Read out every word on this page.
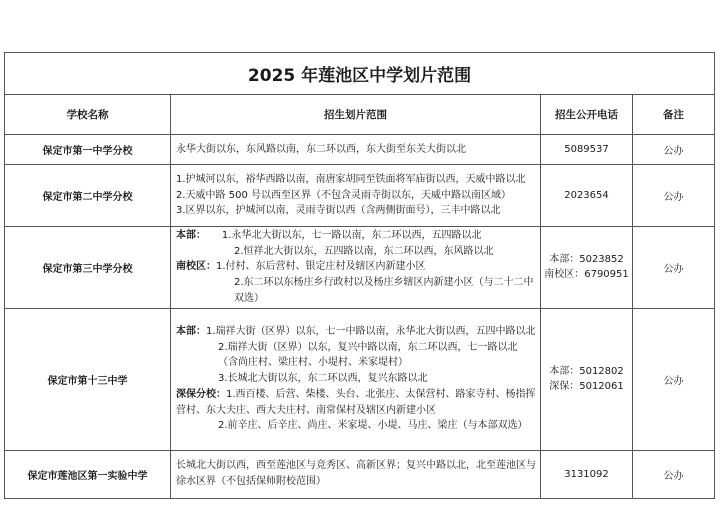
2025 年莲池区中学划片范围			
学校名称	招生划片范围	招生公开电话	备注
保定市第一中学分校	永华大街以东，东风路以南，东二环以西，东大街至东关大街以北	5089537	公办
保定市第二中学分校	1.护城河以东，裕华西路以南，南唐家胡同至铁面将军庙街以西，天威中路以北
2.天威中路 500 号以西至区界（不包含灵雨寺街以东，天威中路以南区域）
3.区界以东，护城河以南，灵雨寺街以西（含两侧街面号），三丰中路以北	2023654	公办
保定市第三中学分校	本部： 1.永华北大街以东，七一路以南，东二环以西，五四路以北
2.恒祥北大街以东，五四路以南，东二环以西，东风路以北
南校区：1.付村、东后营村、银定庄村及辖区内新建小区
2.东二环以东杨庄乡行政村以及杨庄乡辖区内新建小区（与二十二中双选）	本部：5023852
南校区：6790951	公办
保定市第十三中学	本部：1.瑞祥大街（区界）以东，七一中路以南，永华北大街以西，五四中路以北
2.瑞祥大街（区界）以东，复兴中路以南，东二环以西，七一路以北（含尚庄村、梁庄村、小堤村、米家堤村）
3.长城北大街以东，东二环以西，复兴东路以北
深保分校：1.西百楼、后营、柴楼、头台、北张庄、太保营村、路家寺村、杨指挥营村、东大夫庄、西大夫庄村、南常保村及辖区内新建小区
2.前辛庄、后辛庄、尚庄、米家堤、小堤、马庄、梁庄（与本部双选）	本部：5012802
深保：5012061	公办
保定市莲池区第一实验中学	长城北大街以西，西至莲池区与竞秀区、高新区界；复兴中路以北，北至莲池区与徐水区界（不包括保师附校范围）	3131092	公办
